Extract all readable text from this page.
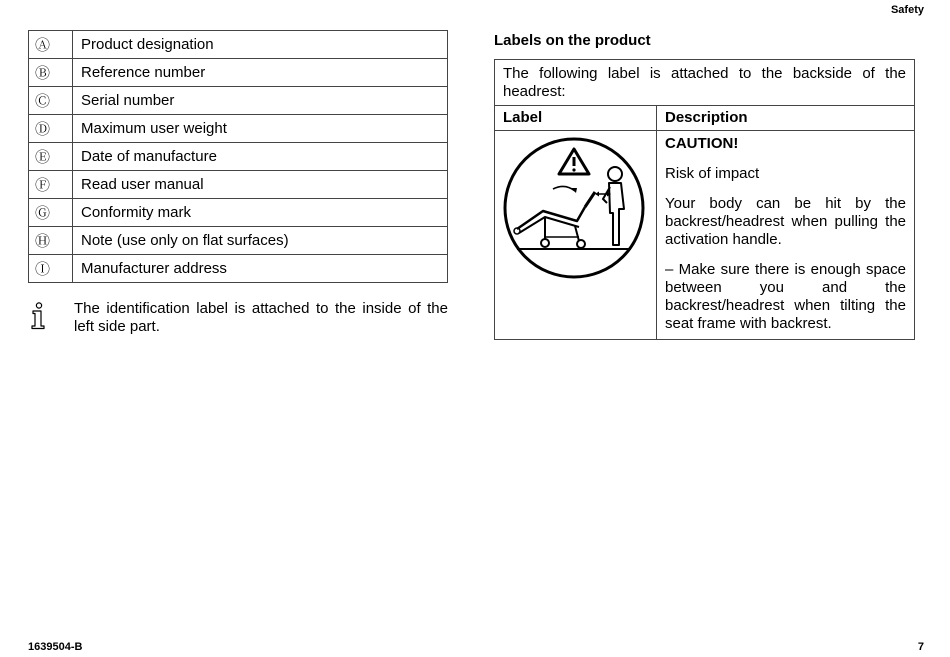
Safety
Ⓐ	Product designation
Ⓑ	Reference number
Ⓒ	Serial number
Ⓓ	Maximum user weight
Ⓔ	Date of manufacture
Ⓕ	Read user manual
Ⓖ	Conformity mark
Ⓗ	Note (use only on flat surfaces)
Ⓘ	Manufacturer address
The identification label is attached to the inside of the left side part.
Labels on the product
The following label is attached to the backside of the headrest:	
Label	Description

CAUTION!

Risk of impact

Your body can be hit by the backrest/headrest when pulling the activation handle.

– Make sure there is enough space between you and the backrest/headrest when tilting the seat frame with backrest.

1639504-B	7
